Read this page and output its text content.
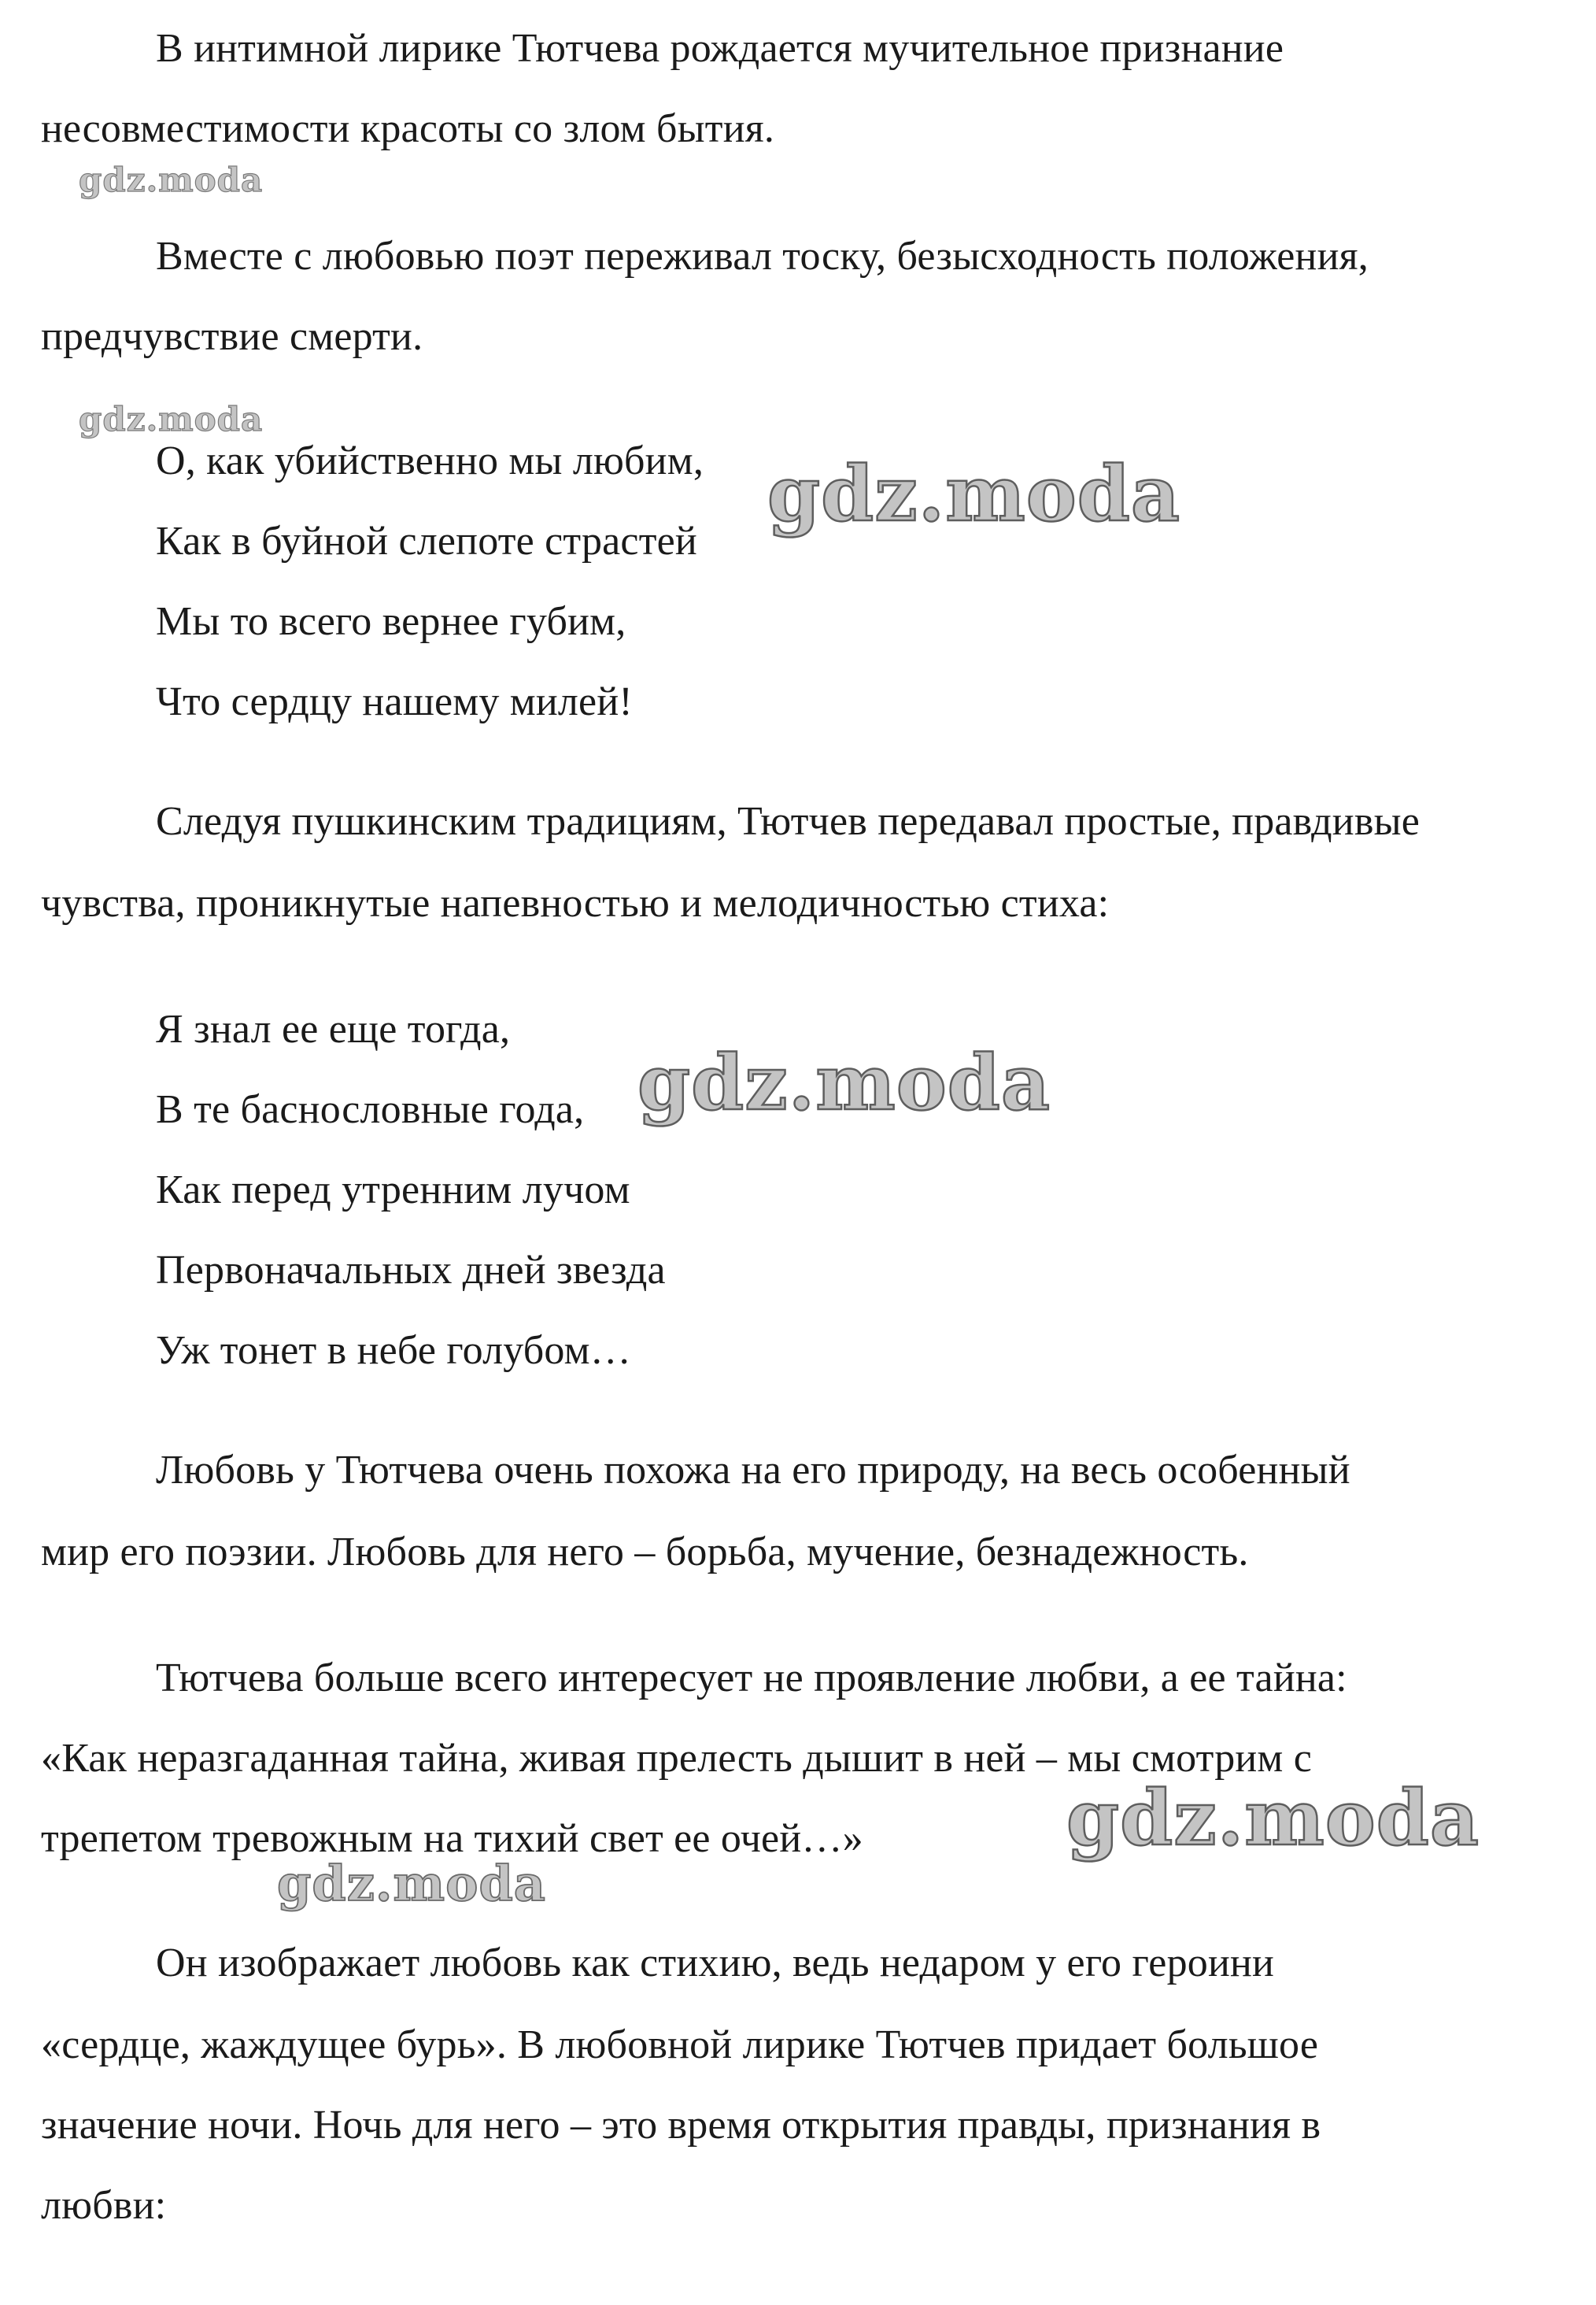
В интимной лирике Тютчева рождается мучительное признание
несовместимости красоты со злом бытия.
gdz.moda
Вместе с любовью поэт переживал тоску, безысходность положения,
предчувствие смерти.
gdz.moda
О, как убийственно мы любим,
Как в буйной слепоте страстей
Мы то всего вернее губим,
Что сердцу нашему милей!
gdz.moda
Следуя пушкинским традициям, Тютчев передавал простые, правдивые
чувства, проникнутые напевностью и мелодичностью стиха:
Я знал ее еще тогда,
В те баснословные года,
Как перед утренним лучом
Первоначальных дней звезда
Уж тонет в небе голубом…
gdz.moda
Любовь у Тютчева очень похожа на его природу, на весь особенный
мир его поэзии. Любовь для него – борьба, мучение, безнадежность.
Тютчева больше всего интересует не проявление любви, а ее тайна:
«Как неразгаданная тайна, живая прелесть дышит в ней – мы смотрим с
трепетом тревожным на тихий свет ее очей…»	gdz.moda
gdz.moda
Он изображает любовь как стихию, ведь недаром у его героини
«сердце, жаждущее бурь». В любовной лирике Тютчев придает большое
значение ночи. Ночь для него – это время открытия правды, признания в
любви:
